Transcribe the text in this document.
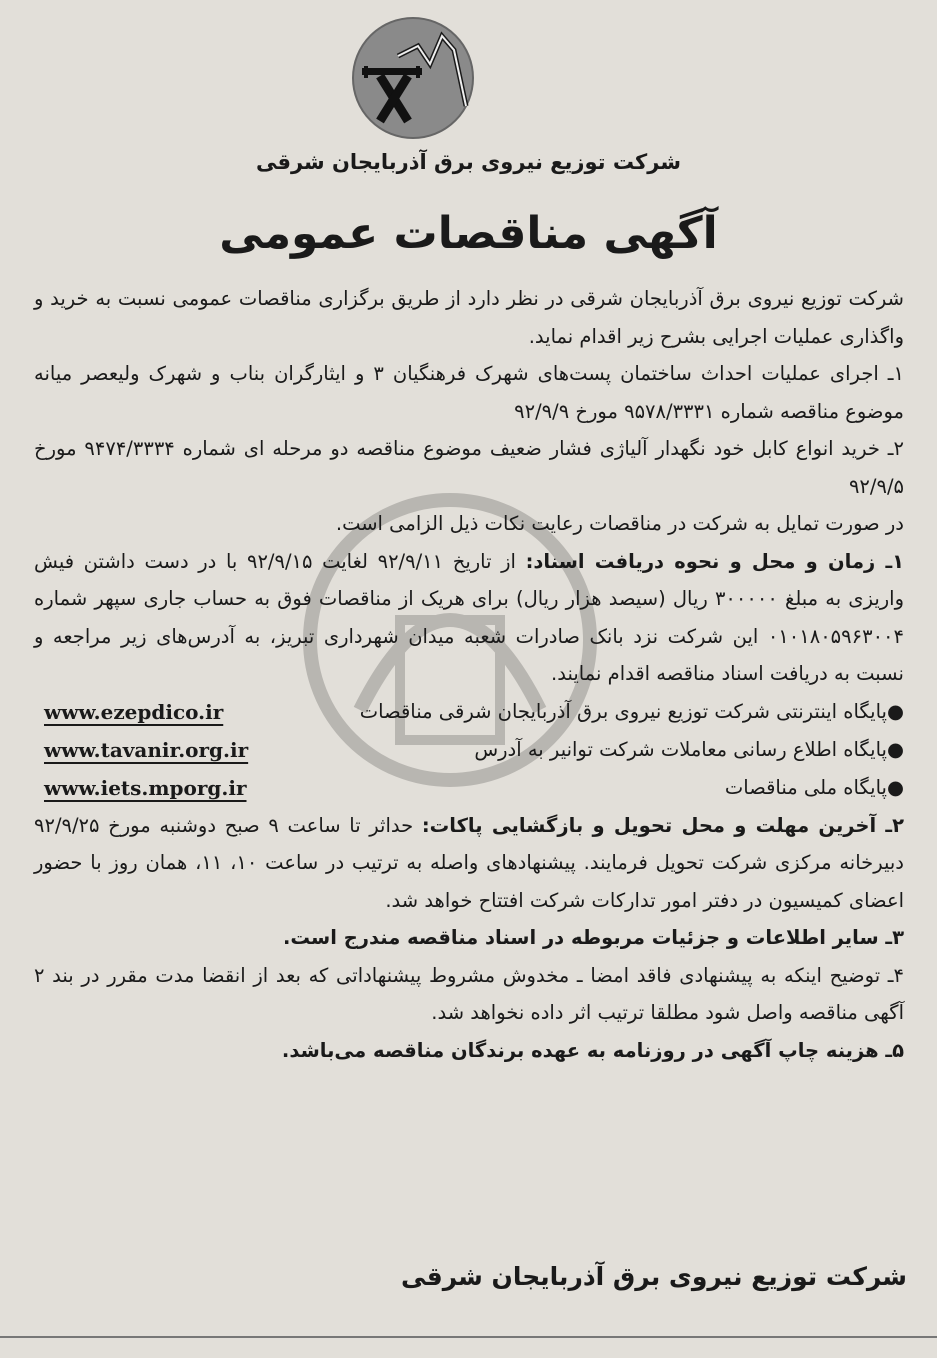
شرکت توزیع نیروی برق آذربایجان شرقی
آگهی مناقصات عمومی

شرکت توزیع نیروی برق آذربایجان شرقی در نظر دارد از طریق برگزاری مناقصات عمومی نسبت به خرید و واگذاری عملیات اجرایی بشرح زیر اقدام نماید.

۱ـ اجرای عملیات احداث ساختمان پست‌های شهرک فرهنگیان ۳ و ایثارگران بناب و شهرک ولیعصر میانه موضوع مناقصه شماره ۹۵۷۸/۳۳۳۱ مورخ ۹۲/۹/۹

۲ـ خرید انواع کابل خود نگهدار آلیاژی فشار ضعیف موضوع مناقصه دو مرحله ای شماره ۹۴۷۴/۳۳۳۴ مورخ ۹۲/۹/۵

در صورت تمایل به شرکت در مناقصات رعایت نکات ذیل الزامی است.

۱ـ زمان و محل و نحوه دریافت اسناد: از تاریخ ۹۲/۹/۱۱ لغایت ۹۲/۹/۱۵ با در دست داشتن فیش واریزی به مبلغ ۳۰۰۰۰۰ ریال (سیصد هزار ریال) برای هریک از مناقصات فوق به حساب جاری سپهر شماره ۰۱۰۱۸۰۵۹۶۳۰۰۴ این شرکت نزد بانک صادرات شعبه میدان شهرداری تبریز، به آدرس‌های زیر مراجعه و نسبت به دریافت اسناد مناقصه اقدام نمایند.

●پایگاه اینترنتی شرکت توزیع نیروی برق آذربایجان شرقی مناقصات
www.ezepdico.ir
●پایگاه اطلاع رسانی معاملات شرکت توانیر به آدرس
www.tavanir.org.ir
●پایگاه ملی مناقصات
www.iets.mporg.ir

۲ـ آخرین مهلت و محل تحویل و بازگشایی پاکات: حداثر تا ساعت ۹ صبح دوشنبه مورخ ۹۲/۹/۲۵ دبیرخانه مرکزی شرکت تحویل فرمایند. پیشنهادهای واصله به ترتیب در ساعت ۱۰، ۱۱، همان روز با حضور اعضای کمیسیون در دفتر امور تدارکات شرکت افتتاح خواهد شد.

۳ـ سایر اطلاعات و جزئیات مربوطه در اسناد مناقصه مندرج است.

۴ـ توضیح اینکه به پیشنهادی فاقد امضا ـ مخدوش مشروط پیشنهاداتی که بعد از انقضا مدت مقرر در بند ۲ آگهی مناقصه واصل شود مطلقا ترتیب اثر داده نخواهد شد.

۵ـ هزینه چاپ آگهی در روزنامه به عهده برندگان مناقصه می‌باشد.

شرکت توزیع نیروی برق آذربایجان شرقی
